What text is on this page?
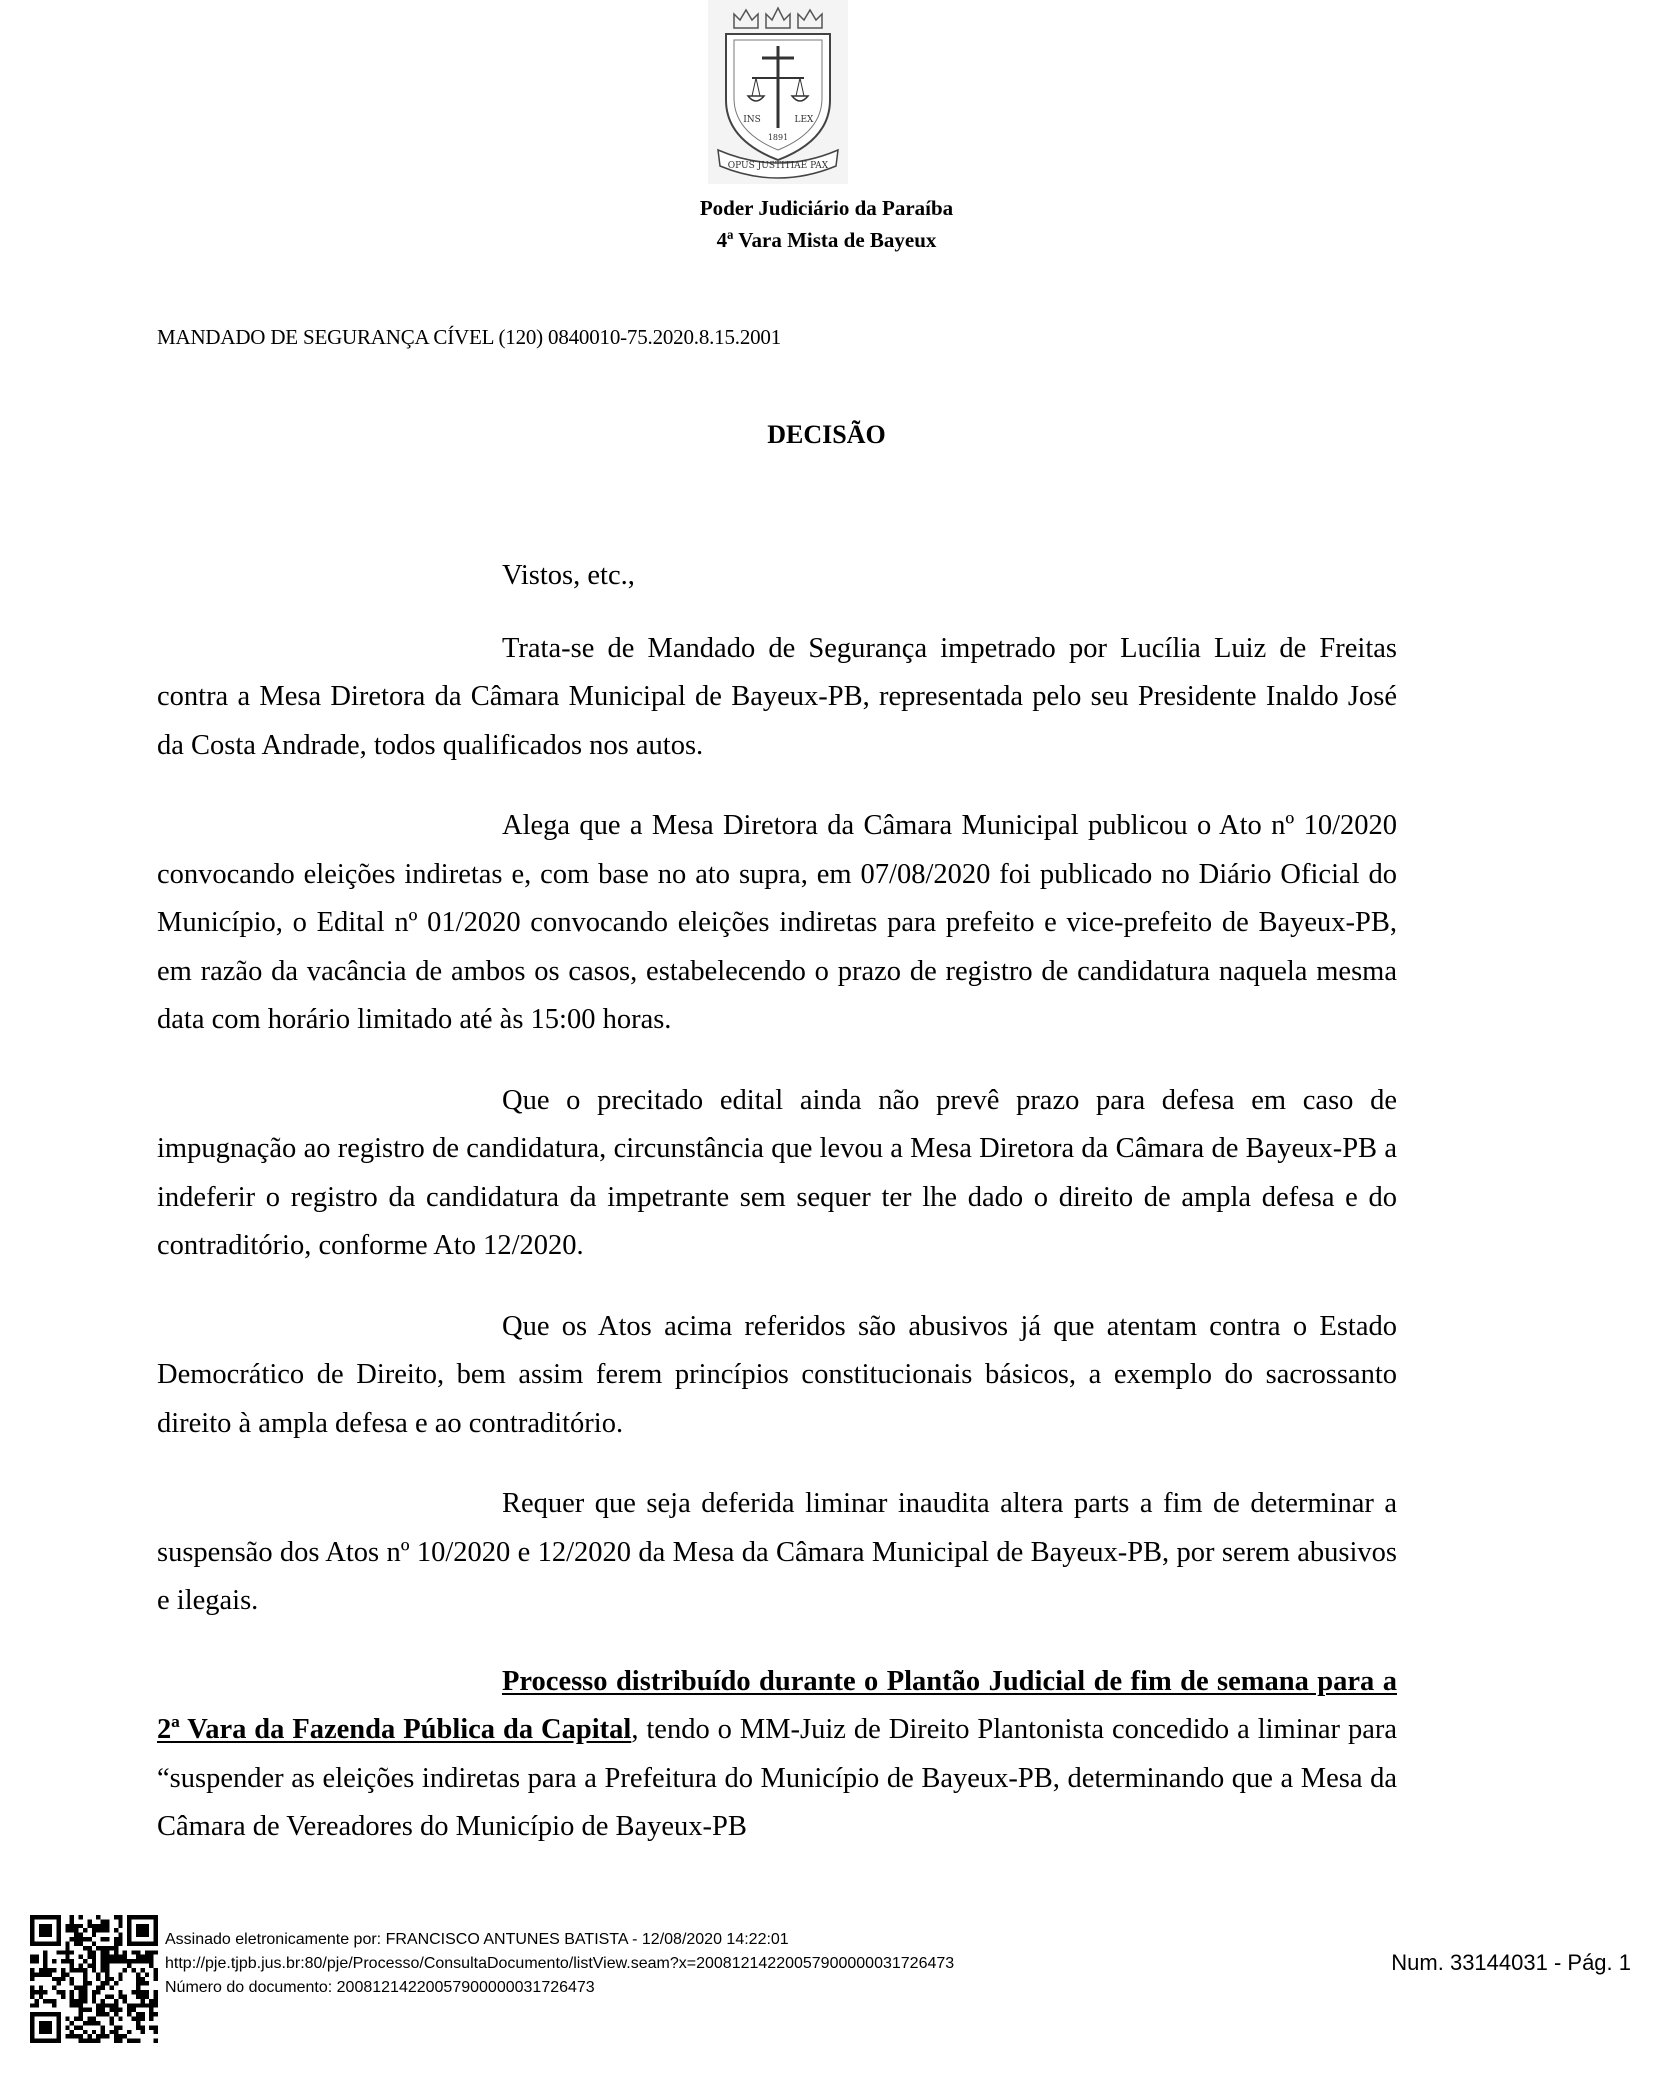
INS	LEX
1891
OPUS JUSTITIAE PAX
Poder Judiciário da Paraíba
4ª Vara Mista de Bayeux
MANDADO DE SEGURANÇA CÍVEL (120) 0840010-75.2020.8.15.2001
DECISÃO

Vistos, etc.,

Trata-se de Mandado de Segurança impetrado por Lucília Luiz de Freitas contra a Mesa Diretora da Câmara Municipal de Bayeux-PB, representada pelo seu Presidente Inaldo José da Costa Andrade, todos qualificados nos autos.

Alega que a Mesa Diretora da Câmara Municipal publicou o Ato nº 10/2020 convocando eleições indiretas e, com base no ato supra, em 07/08/2020 foi publicado no Diário Oficial do Município, o Edital nº 01/2020 convocando eleições indiretas para prefeito e vice-prefeito de Bayeux-PB, em razão da vacância de ambos os casos, estabelecendo o prazo de registro de candidatura naquela mesma data com horário limitado até às 15:00 horas.

Que o precitado edital ainda não prevê prazo para defesa em caso de impugnação ao registro de candidatura, circunstância que levou a Mesa Diretora da Câmara de Bayeux-PB a indeferir o registro da candidatura da impetrante sem sequer ter lhe dado o direito de ampla defesa e do contraditório, conforme Ato 12/2020.

Que os Atos acima referidos são abusivos já que atentam contra o Estado Democrático de Direito, bem assim ferem princípios constitucionais básicos, a exemplo do sacrossanto direito à ampla defesa e ao contraditório.

Requer que seja deferida liminar inaudita altera parts a fim de determinar a suspensão dos Atos nº 10/2020 e 12/2020 da Mesa da Câmara Municipal de Bayeux-PB, por serem abusivos e ilegais.

Processo distribuído durante o Plantão Judicial de fim de semana para a 2ª Vara da Fazenda Pública da Capital, tendo o MM-Juiz de Direito Plantonista concedido a liminar para “suspender as eleições indiretas para a Prefeitura do Município de Bayeux-PB, determinando que a Mesa da Câmara de Vereadores do Município de Bayeux-PB

Assinado eletronicamente por: FRANCISCO ANTUNES BATISTA - 12/08/2020 14:22:01
http://pje.tjpb.jus.br:80/pje/Processo/ConsultaDocumento/listView.seam?x=20081214220057900000031726473
Número do documento: 20081214220057900000031726473
Num. 33144031 - Pág. 1
